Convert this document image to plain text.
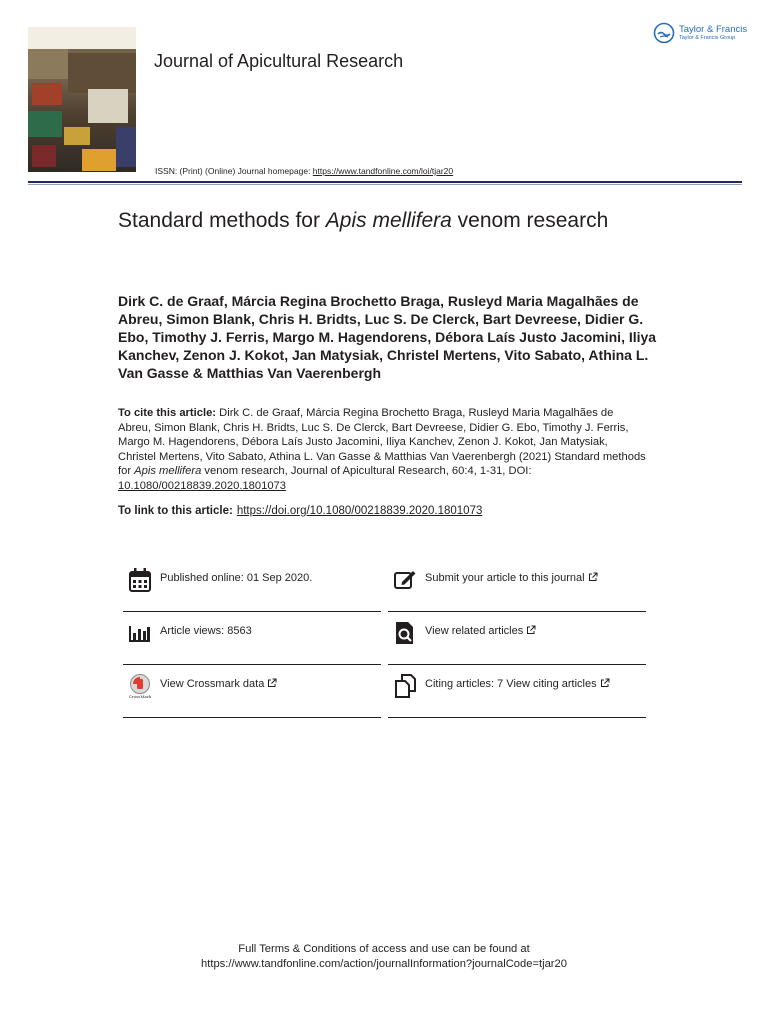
Journal of Apicultural Research
Taylor & Francis
Taylor & Francis Group
ISSN: (Print) (Online) Journal homepage: https://www.tandfonline.com/loi/tjar20
Standard methods for Apis mellifera venom research
Dirk C. de Graaf, Márcia Regina Brochetto Braga, Rusleyd Maria Magalhães de Abreu, Simon Blank, Chris H. Bridts, Luc S. De Clerck, Bart Devreese, Didier G. Ebo, Timothy J. Ferris, Margo M. Hagendorens, Débora Laís Justo Jacomini, Iliya Kanchev, Zenon J. Kokot, Jan Matysiak, Christel Mertens, Vito Sabato, Athina L. Van Gasse & Matthias Van Vaerenbergh
To cite this article: Dirk C. de Graaf, Márcia Regina Brochetto Braga, Rusleyd Maria Magalhães de Abreu, Simon Blank, Chris H. Bridts, Luc S. De Clerck, Bart Devreese, Didier G. Ebo, Timothy J. Ferris, Margo M. Hagendorens, Débora Laís Justo Jacomini, Iliya Kanchev, Zenon J. Kokot, Jan Matysiak, Christel Mertens, Vito Sabato, Athina L. Van Gasse & Matthias Van Vaerenbergh (2021) Standard methods for Apis mellifera venom research, Journal of Apicultural Research, 60:4, 1-31, DOI: 10.1080/00218839.2020.1801073
To link to this article: https://doi.org/10.1080/00218839.2020.1801073
Published online: 01 Sep 2020.	Submit your article to this journal
Article views: 8563	View related articles
CrossMark
View Crossmark data	Citing articles: 7 View citing articles
Full Terms & Conditions of access and use can be found at
https://www.tandfonline.com/action/journalInformation?journalCode=tjar20
